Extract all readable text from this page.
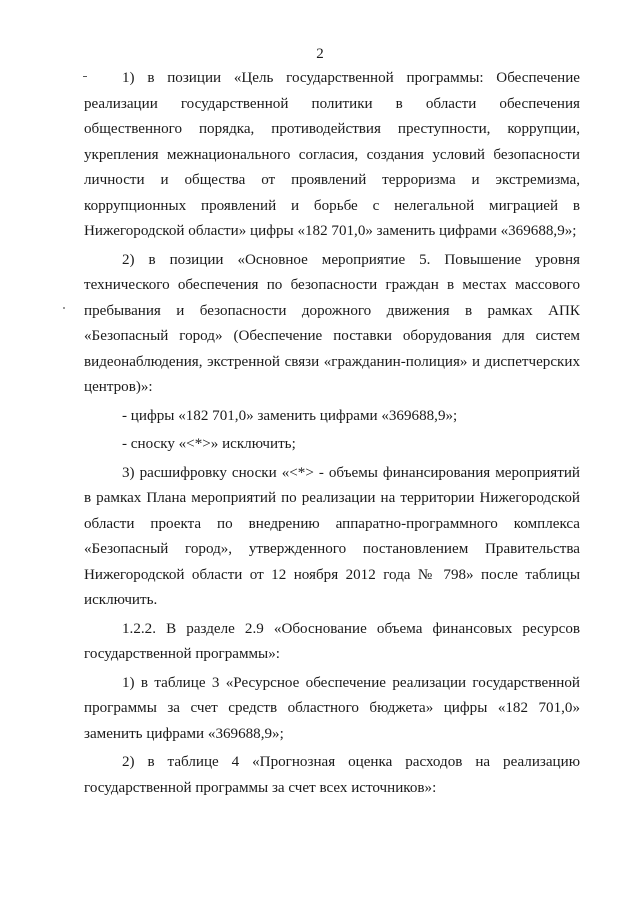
2

1) в позиции «Цель государственной программы: Обеспечение реализации государственной политики в области обеспечения общественного порядка, противодействия преступности, коррупции, укрепления межнационального согласия, создания условий безопасности личности и общества от проявлений терроризма и экстремизма, коррупционных проявлений и борьбе с нелегальной миграцией в Нижегородской области» цифры «182 701,0» заменить цифрами «369688,9»;

2) в позиции «Основное мероприятие 5. Повышение уровня технического обеспечения по безопасности граждан в местах массового пребывания и безопасности дорожного движения в рамках АПК «Безопасный город» (Обеспечение поставки оборудования для систем видеонаблюдения, экстренной связи «гражданин-полиция» и диспетчерских центров)»:

- цифры «182 701,0» заменить цифрами «369688,9»;

- сноску «<*>» исключить;

3) расшифровку сноски «<*> - объемы финансирования мероприятий в рамках Плана мероприятий по реализации на территории Нижегородской области проекта по внедрению аппаратно-программного комплекса «Безопасный город», утвержденного постановлением Правительства Нижегородской области от 12 ноября 2012 года № 798» после таблицы исключить.

1.2.2. В разделе 2.9 «Обоснование объема финансовых ресурсов государственной программы»:

1) в таблице 3 «Ресурсное обеспечение реализации государственной программы за счет средств областного бюджета» цифры «182 701,0» заменить цифрами «369688,9»;

2) в таблице 4 «Прогнозная оценка расходов на реализацию государственной программы за счет всех источников»:
